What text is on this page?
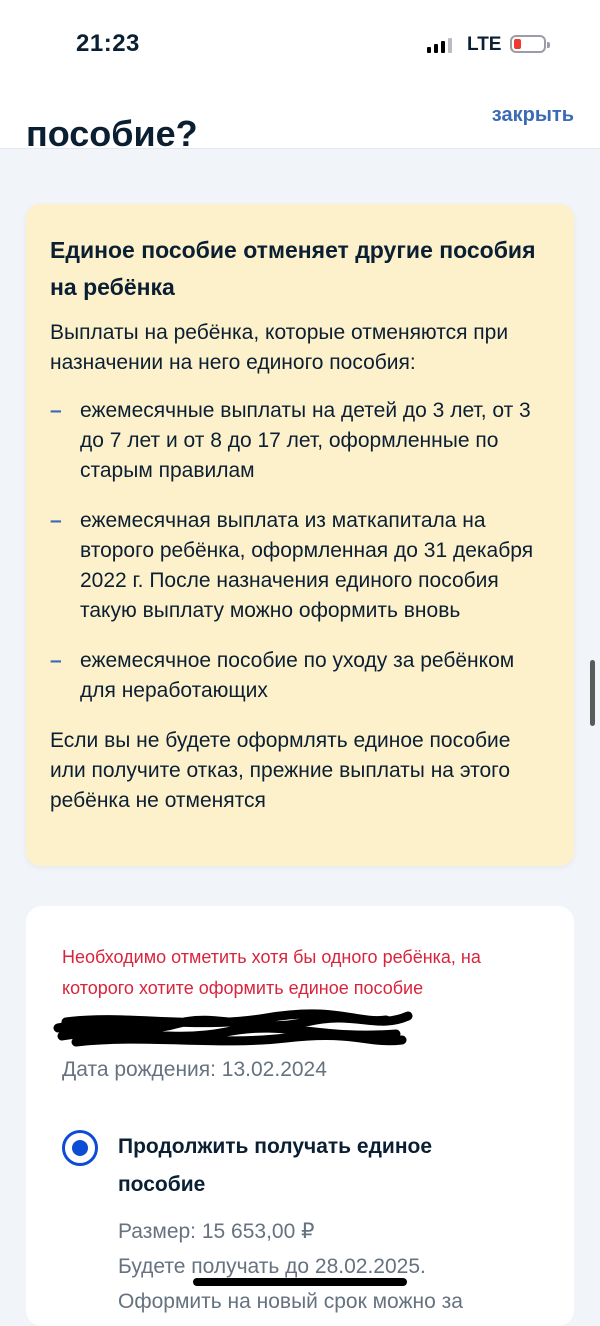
21:23	LTE
закрыть
пособие?

Единое пособие отменяет другие пособия на ребёнка

Выплаты на ребёнка, которые отменяются при назначении на него единого пособия:

– ежемесячные выплаты на детей до 3 лет, от 3 до 7 лет и от 8 до 17 лет, оформленные по старым правилам
– ежемесячная выплата из маткапитала на второго ребёнка, оформленная до 31 декабря 2022 г. После назначения единого пособия такую выплату можно оформить вновь
– ежемесячное пособие по уходу за ребёнком для неработающих

Если вы не будете оформлять единое пособие или получите отказ, прежние выплаты на этого ребёнка не отменятся

Необходимо отметить хотя бы одного ребёнка, на которого хотите оформить единое пособие

Дата рождения: 13.02.2024
Продолжить получать единое пособие
Размер: 15 653,00 ₽
Будете получать до 28.02.2025.
Оформить на новый срок можно за
